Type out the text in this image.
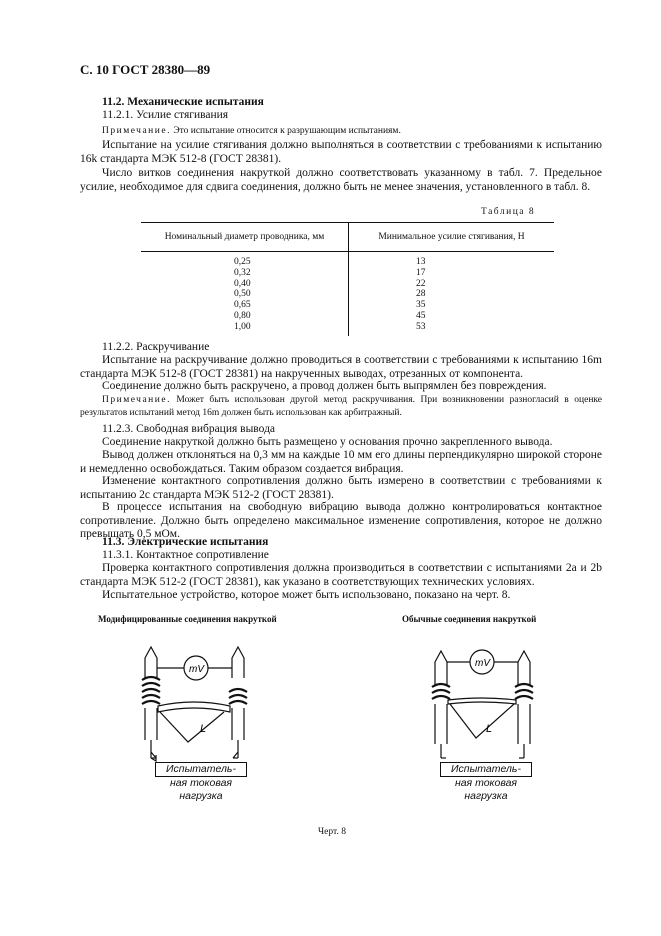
С. 10 ГОСТ 28380—89
11.2. Механические испытания
11.2.1. Усилие стягивания
Примечание. Это испытание относится к разрушающим испытаниям.
Испытание на усилие стягивания должно выполняться в соответствии с требованиями к испытанию 16k стандарта МЭК 512-8 (ГОСТ 28381).
Число витков соединения накруткой должно соответствовать указанному в табл. 7. Предельное усилие, необходимое для сдвига соединения, должно быть не менее значения, установленного в табл. 8.
Таблица 8
Номинальный диаметр проводника, мм	Минимальное усилие стягивания, Н

0,25	13
0,32	17
0,40	22
0,50	28
0,65	35
0,80	45
1,00	53
11.2.2. Раскручивание
Испытание на раскручивание должно проводиться в соответствии с требованиями к испытанию 16m стандарта МЭК 512-8 (ГОСТ 28381) на накрученных выводах, отрезанных от компонента.
Соединение должно быть раскручено, а провод должен быть выпрямлен без повреждения.
Примечание. Может быть использован другой метод раскручивания. При возникновении разногласий в оценке результатов испытаний метод 16m должен быть использован как арбитражный.
11.2.3. Свободная вибрация вывода
Соединение накруткой должно быть размещено у основания прочно закрепленного вывода.
Вывод должен отклоняться на 0,3 мм на каждые 10 мм его длины перпендикулярно широкой стороне и немедленно освобождаться. Таким образом создается вибрация.
Изменение контактного сопротивления должно быть измерено в соответствии с требованиями к испытанию 2с стандарта МЭК 512-2 (ГОСТ 28381).
В процессе испытания на свободную вибрацию вывода должно контролироваться контактное сопротивление. Должно быть определено максимальное изменение сопротивления, которое не должно превышать 0,5 мОм.
11.3. Электрические испытания
11.3.1. Контактное сопротивление
Проверка контактного сопротивления должна производиться в соответствии с испытаниями 2а и 2b стандарта МЭК 512-2 (ГОСТ 28381), как указано в соответствующих технических условиях.
Испытательное устройство, которое может быть использовано, показано на черт. 8.
Модифицированные соединения накруткой	Обычные соединения накруткой
mV
L
Испытатель-
ная токовая
нагрузка
mV
L
Испытатель-
ная токовая
нагрузка
Черт. 8
